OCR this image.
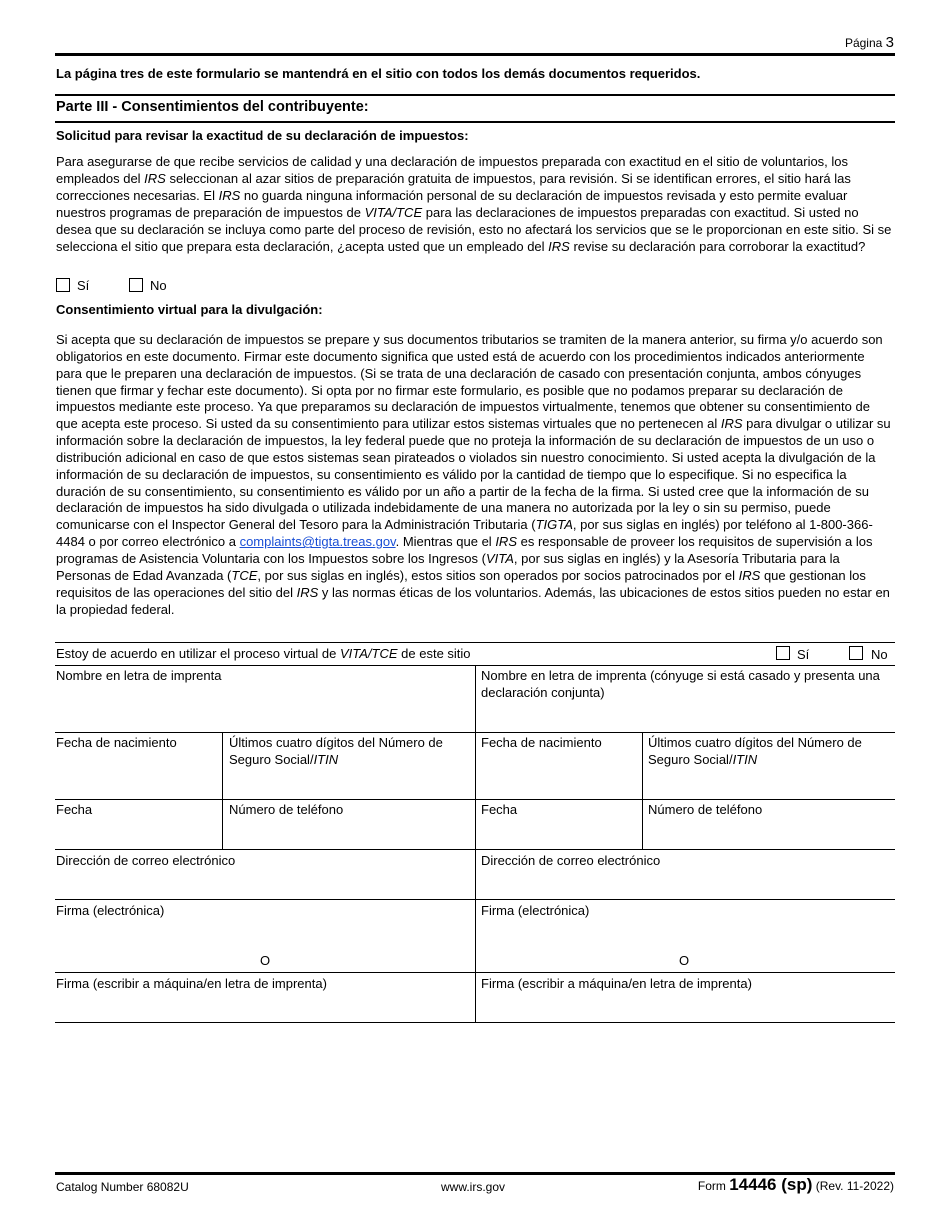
Página 3
La página tres de este formulario se mantendrá en el sitio con todos los demás documentos requeridos.
Parte III - Consentimientos del contribuyente:
Solicitud para revisar la exactitud de su declaración de impuestos:
Para asegurarse de que recibe servicios de calidad y una declaración de impuestos preparada con exactitud en el sitio de voluntarios, los empleados del IRS seleccionan al azar sitios de preparación gratuita de impuestos, para revisión. Si se identifican errores, el sitio hará las correcciones necesarias. El IRS no guarda ninguna información personal de su declaración de impuestos revisada y esto permite evaluar nuestros programas de preparación de impuestos de VITA/TCE para las declaraciones de impuestos preparadas con exactitud. Si usted no desea que su declaración se incluya como parte del proceso de revisión, esto no afectará los servicios que se le proporcionan en este sitio. Si se selecciona el sitio que prepara esta declaración, ¿acepta usted que un empleado del IRS revise su declaración para corroborar la exactitud?
Sí	No
Consentimiento virtual para la divulgación:
Si acepta que su declaración de impuestos se prepare y sus documentos tributarios se tramiten de la manera anterior, su firma y/o acuerdo son obligatorios en este documento. Firmar este documento significa que usted está de acuerdo con los procedimientos indicados anteriormente para que le preparen una declaración de impuestos. (Si se trata de una declaración de casado con presentación conjunta, ambos cónyuges tienen que firmar y fechar este documento). Si opta por no firmar este formulario, es posible que no podamos preparar su declaración de impuestos mediante este proceso. Ya que preparamos su declaración de impuestos virtualmente, tenemos que obtener su consentimiento de que acepta este proceso. Si usted da su consentimiento para utilizar estos sistemas virtuales que no pertenecen al IRS para divulgar o utilizar su información sobre la declaración de impuestos, la ley federal puede que no proteja la información de su declaración de impuestos de un uso o distribución adicional en caso de que estos sistemas sean pirateados o violados sin nuestro conocimiento. Si usted acepta la divulgación de la información de su declaración de impuestos, su consentimiento es válido por la cantidad de tiempo que lo especifique. Si no especifica la duración de su consentimiento, su consentimiento es válido por un año a partir de la fecha de la firma. Si usted cree que la información de su declaración de impuestos ha sido divulgada o utilizada indebidamente de una manera no autorizada por la ley o sin su permiso, puede comunicarse con el Inspector General del Tesoro para la Administración Tributaria (TIGTA, por sus siglas en inglés) por teléfono al 1-800-366-4484 o por correo electrónico a complaints@tigta.treas.gov. Mientras que el IRS es responsable de proveer los requisitos de supervisión a los programas de Asistencia Voluntaria con los Impuestos sobre los Ingresos (VITA, por sus siglas en inglés) y la Asesoría Tributaria para la Personas de Edad Avanzada (TCE, por sus siglas en inglés), estos sitios son operados por socios patrocinados por el IRS que gestionan los requisitos de las operaciones del sitio del IRS y las normas éticas de los voluntarios. Además, las ubicaciones de estos sitios pueden no estar en la propiedad federal.
Estoy de acuerdo en utilizar el proceso virtual de VITA/TCE de este sitio	Sí	No
Nombre en letra de imprenta
Fecha de nacimiento	Últimos cuatro dígitos del Número de Seguro Social/ITIN
Fecha	Número de teléfono
Dirección de correo electrónico
Firma (electrónica)
O
Firma (escribir a máquina/en letra de imprenta)
Nombre en letra de imprenta (cónyuge si está casado y presenta una declaración conjunta)
Fecha de nacimiento	Últimos cuatro dígitos del Número de Seguro Social/ITIN
Fecha	Número de teléfono
Dirección de correo electrónico
Firma (electrónica)
O
Firma (escribir a máquina/en letra de imprenta)
Catalog Number 68082U	www.irs.gov	Form 14446 (sp) (Rev. 11-2022)
